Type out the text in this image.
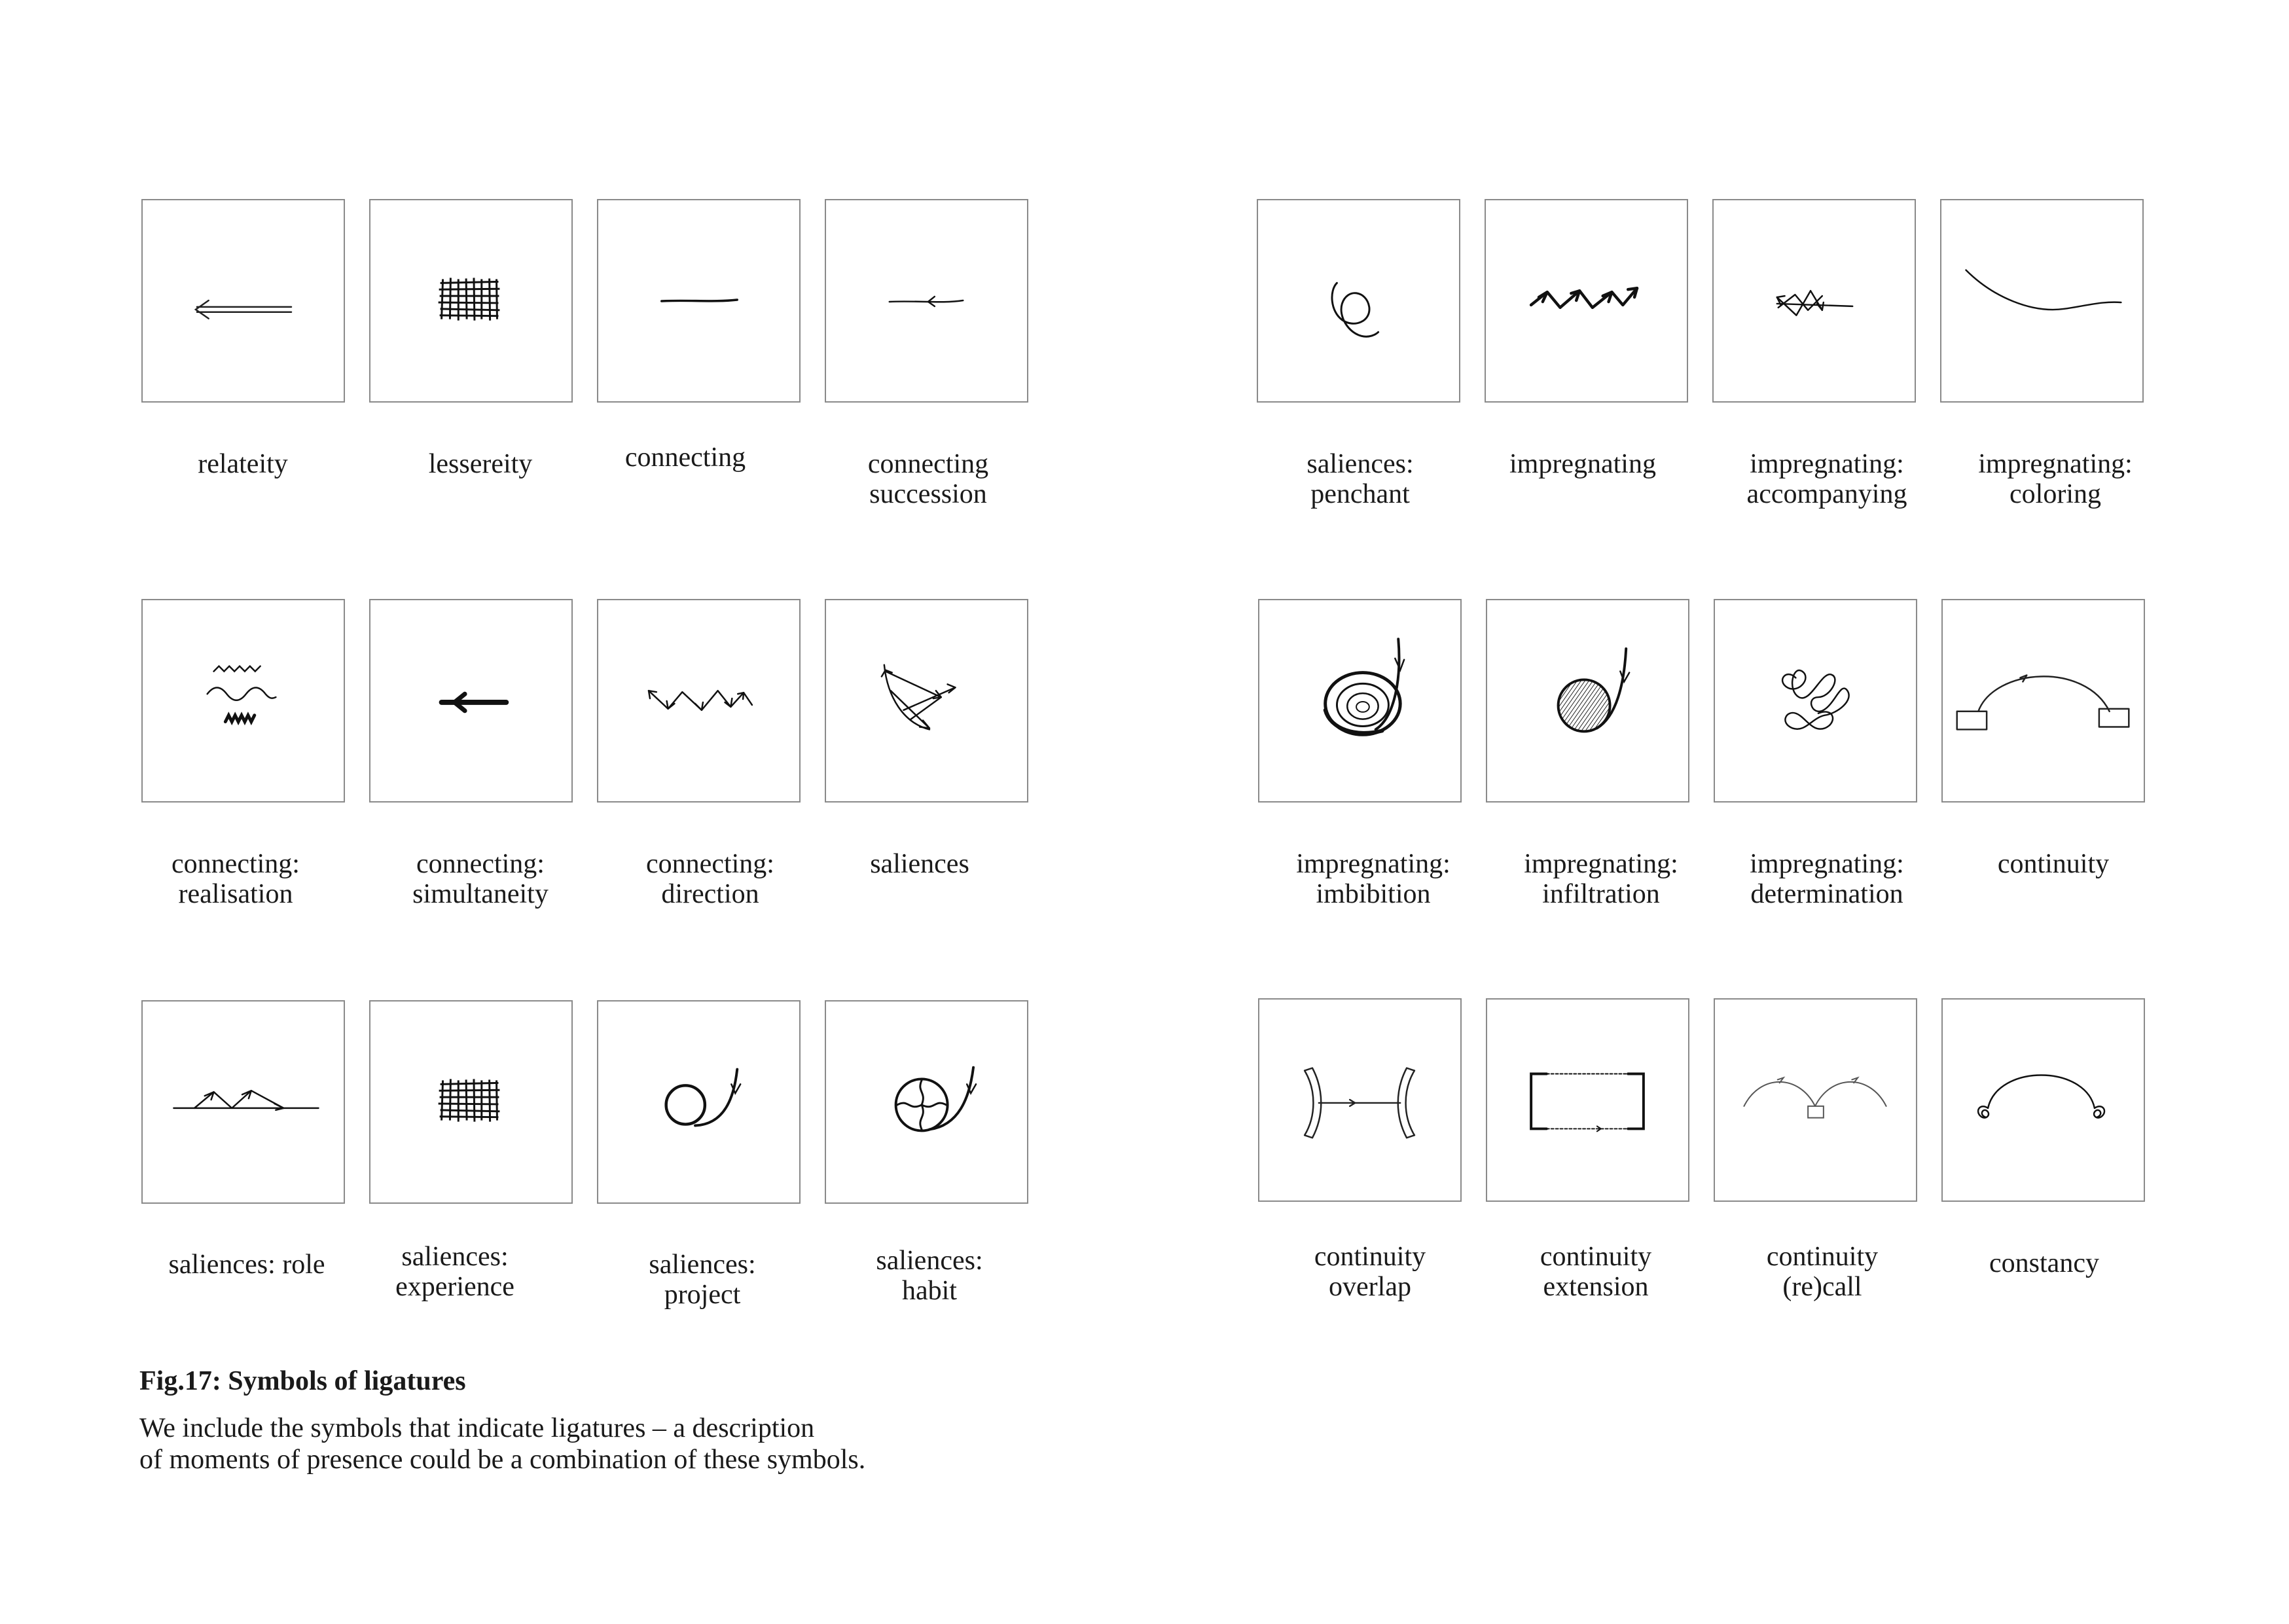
relateity	lessereity	connecting	connecting
succession
saliences:
penchant
impregnating	impregnating:
accompanying
impregnating:
coloring
connecting:
realisation
connecting:
simultaneity
connecting:
direction
saliences	impregnating:
imbibition
impregnating:
infiltration
impregnating:
determination
continuity
saliences: role	saliences:
experience
saliences:
project
saliences:
habit
continuity
overlap
continuity
extension
continuity
(re)call
constancy
Fig.17: Symbols of ligatures
We include the symbols that indicate ligatures – a description
of moments of presence could be a combination of these symbols.
